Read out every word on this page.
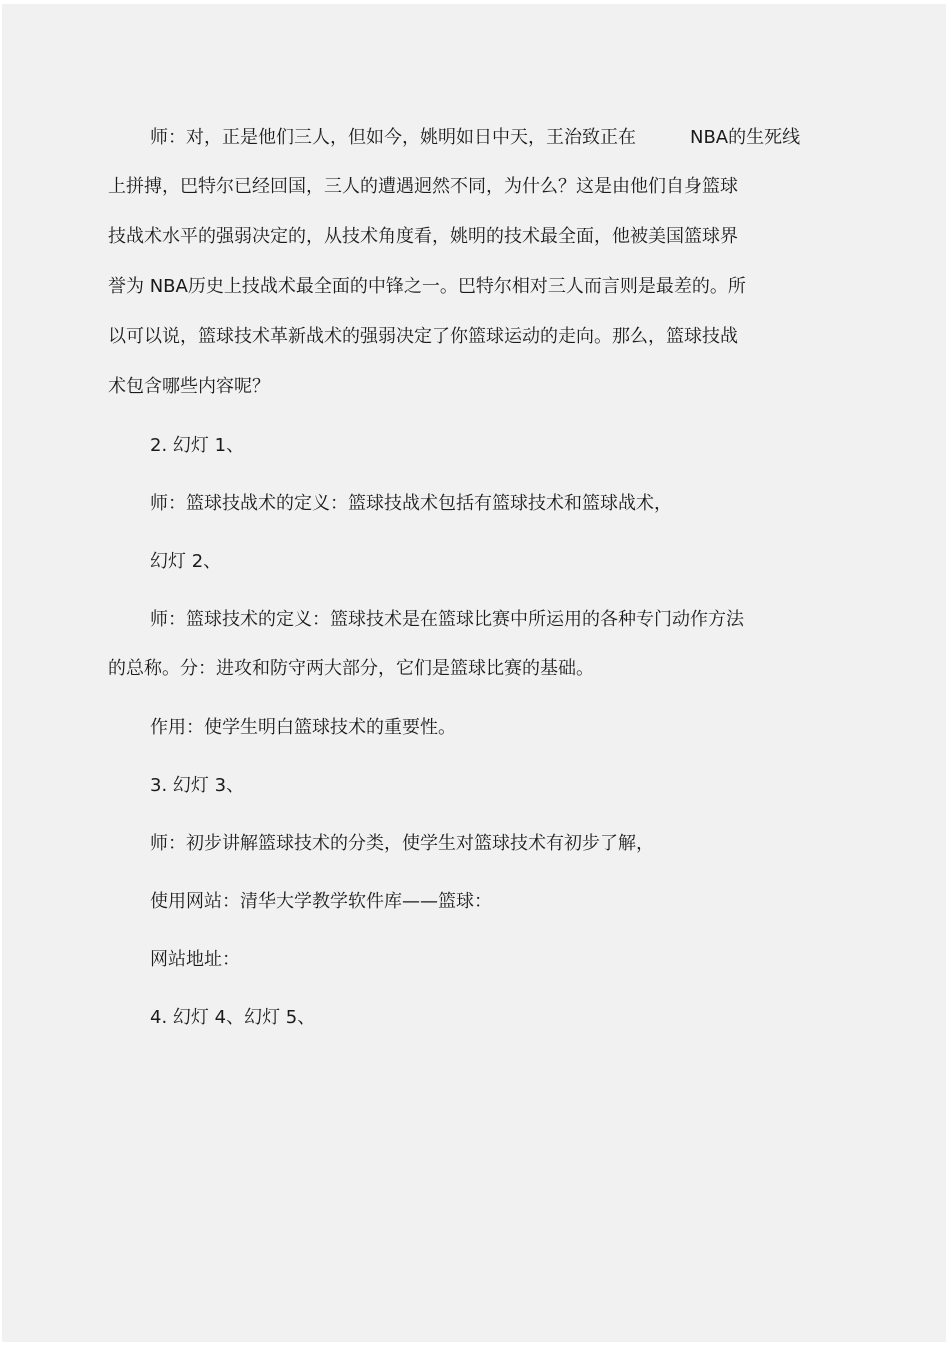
师：对，正是他们三人，但如今，姚明如日中天，王治致正在　　　NBA的生死线
上拼搏，巴特尔已经回国，三人的遭遇迥然不同，为什么？这是由他们自身篮球
技战术水平的强弱决定的，从技术角度看，姚明的技术最全面，他被美国篮球界
誉为 NBA历史上技战术最全面的中锋之一。巴特尔相对三人而言则是最差的。所
以可以说，篮球技术革新战术的强弱决定了你篮球运动的走向。那么，篮球技战
术包含哪些内容呢？
2. 幻灯 1、
师：篮球技战术的定义：篮球技战术包括有篮球技术和篮球战术，
幻灯 2、
师：篮球技术的定义：篮球技术是在篮球比赛中所运用的各种专门动作方法
的总称。分：进攻和防守两大部分，它们是篮球比赛的基础。
作用：使学生明白篮球技术的重要性。
3. 幻灯 3、
师：初步讲解篮球技术的分类，使学生对篮球技术有初步了解，
使用网站：清华大学教学软件库——篮球：
网站地址：
4. 幻灯 4、幻灯 5、
